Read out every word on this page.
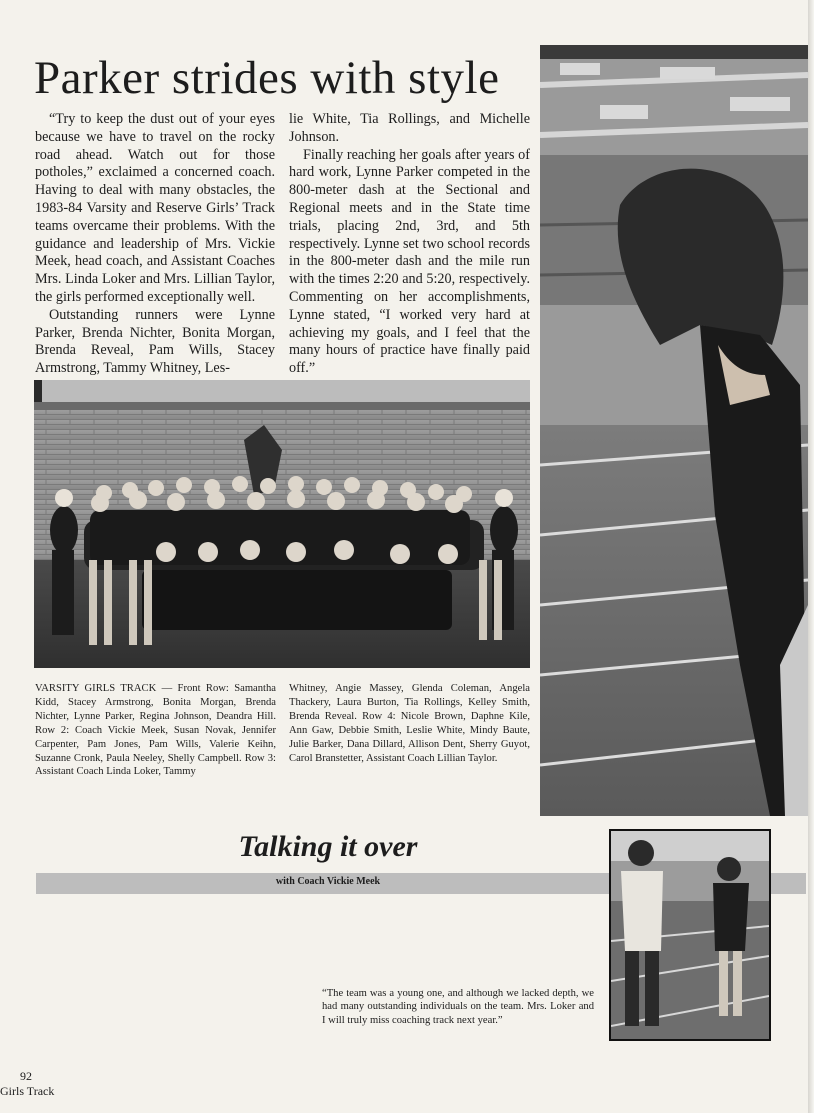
Parker strides with style

“Try to keep the dust out of your eyes because we have to travel on the rocky road ahead. Watch out for those potholes,” exclaimed a concerned coach. Having to deal with many obstacles, the 1983-84 Varsity and Reserve Girls’ Track teams overcame their problems. With the guidance and leadership of Mrs. Vickie Meek, head coach, and Assistant Coaches Mrs. Linda Loker and Mrs. Lillian Taylor, the girls performed exceptionally well.

Outstanding runners were Lynne Parker, Brenda Nichter, Bonita Morgan, Brenda Reveal, Pam Wills, Stacey Armstrong, Tammy Whitney, Les-

lie White, Tia Rollings, and Michelle Johnson.

Finally reaching her goals after years of hard work, Lynne Parker competed in the 800-meter dash at the Sectional and Regional meets and in the State time trials, placing 2nd, 3rd, and 5th respectively. Lynne set two school records in the 800-meter dash and the mile run with the times 2:20 and 5:20, respectively. Commenting on her accomplishments, Lynne stated, “I worked very hard at achieving my goals, and I feel that the many hours of practice have finally paid off.”

VARSITY GIRLS TRACK — Front Row: Samantha Kidd, Stacey Armstrong, Bonita Morgan, Brenda Nichter, Lynne Parker, Regina Johnson, Deandra Hill. Row 2: Coach Vickie Meek, Susan Novak, Jennifer Carpenter, Pam Jones, Pam Wills, Valerie Keihn, Suzanne Cronk, Paula Neeley, Shelly Campbell. Row 3: Assistant Coach Linda Loker, Tammy

Whitney, Angie Massey, Glenda Coleman, Angela Thackery, Laura Burton, Tia Rollings, Kelley Smith, Brenda Reveal. Row 4: Nicole Brown, Daphne Kile, Ann Gaw, Debbie Smith, Leslie White, Mindy Baute, Julie Barker, Dana Dillard, Allison Dent, Sherry Guyot, Carol Branstetter, Assistant Coach Lillian Taylor.

Talking it over

with Coach Vickie Meek

“The team was a young one, and although we lacked depth, we had many outstanding individuals on the team. Mrs. Loker and I will truly miss coaching track next year.”

92

Girls Track
